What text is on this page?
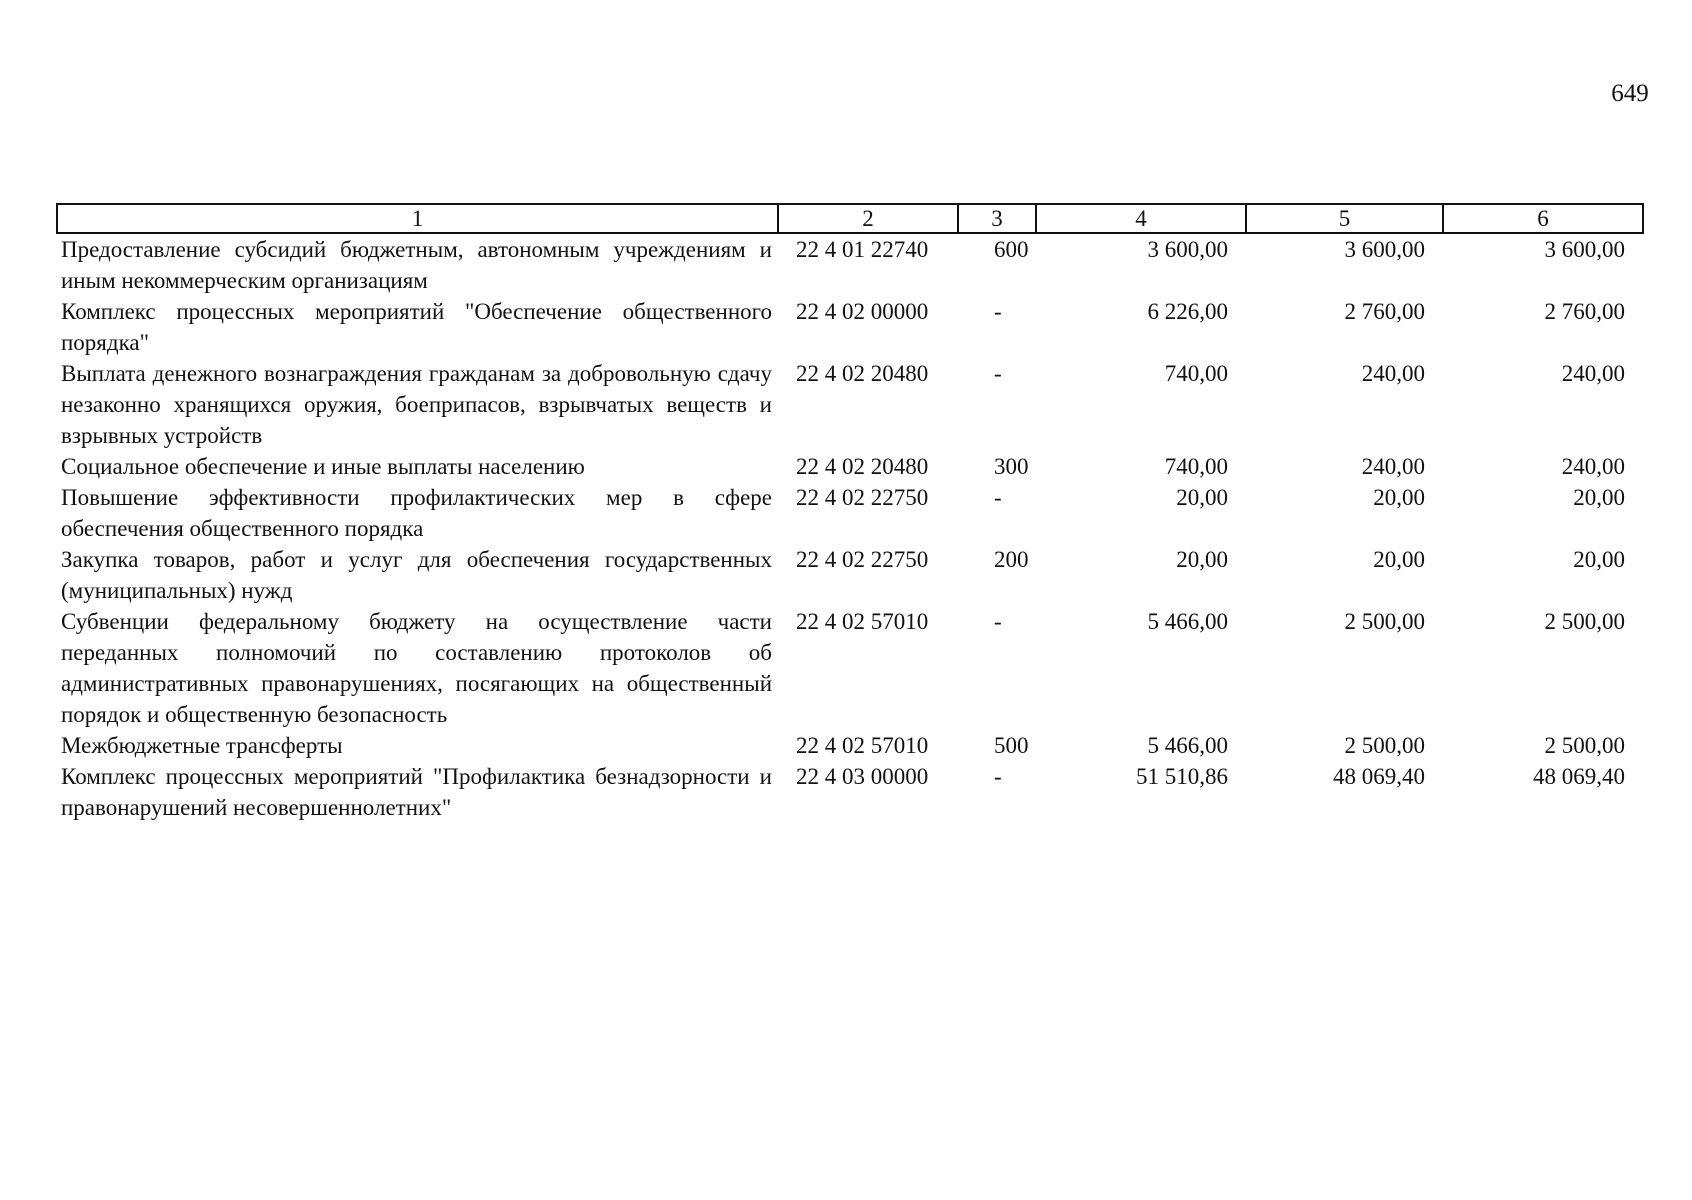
649
1	2	3	4	5	6
Предоставление субсидий бюджетным, автономным учреждениям и иным некоммерческим организациям	22 4 01 22740	600	3 600,00	3 600,00	3 600,00
Комплекс процессных мероприятий "Обеспечение общественного порядка"	22 4 02 00000	-	6 226,00	2 760,00	2 760,00
Выплата денежного вознаграждения гражданам за добровольную сдачу незаконно хранящихся оружия, боеприпасов, взрывчатых веществ и взрывных устройств	22 4 02 20480	-	740,00	240,00	240,00
Социальное обеспечение и иные выплаты населению	22 4 02 20480	300	740,00	240,00	240,00
Повышение эффективности профилактических мер в сфере обеспечения общественного порядка	22 4 02 22750	-	20,00	20,00	20,00
Закупка товаров, работ и услуг для обеспечения государственных (муниципальных) нужд	22 4 02 22750	200	20,00	20,00	20,00
Субвенции федеральному бюджету на осуществление части переданных полномочий по составлению протоколов об административных правонарушениях, посягающих на общественный порядок и общественную безопасность	22 4 02 57010	-	5 466,00	2 500,00	2 500,00
Межбюджетные трансферты	22 4 02 57010	500	5 466,00	2 500,00	2 500,00
Комплекс процессных мероприятий "Профилактика безнадзорности и правонарушений несовершеннолетних"	22 4 03 00000	-	51 510,86	48 069,40	48 069,40
